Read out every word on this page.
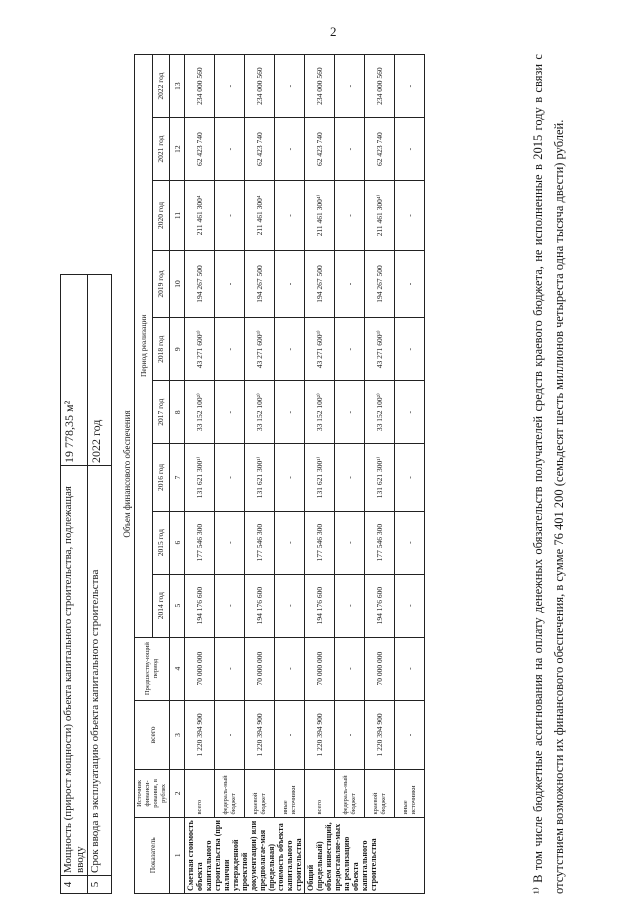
2
4	Мощность (прирост мощности) объекта капитального строительства, подлежащая вводу	19 778,35 м²
5	Срок ввода в эксплуатацию объекта капитального строительства	2022 год Объем финансового обеспечения
Показатель	Источник финанси-рования, в рублях	всего	Предшеству-ющий период	Период реализации								
				2014 год	2015 год	2016 год	2017 год	2018 год	2019 год	2020 год	2021 год	2022 год
1	2	3	4	5	6	7	8	9	10	11	12	13
Сметная стоимость объекта капитального строительства (при наличии утвержденной проектной документации) или предполагае-мая (предельная) стоимость объекта капитального строительства	всего	1 220 394 900	70 000 000	194 176 600	177 546 300	131 621 300¹⁾	33 152 100²⁾	43 271 600³⁾	194 267 500	211 461 300⁴	62 423 740	234 000 560
	федераль-ный бюджет	-	-	-	-	-	-	-	-	-	-	-
	краевой бюджет	1 220 394 900	70 000 000	194 176 600	177 546 300	131 621 300¹⁾	33 152 100²⁾	43 271 600³⁾	194 267 500	211 461 300⁴	62 423 740	234 000 560
	иные источники	-	-	-	-	-	-	-	-	-	-	-
Общий (предельный) объем инвестиций, предоставляе-мых на реализацию объекта капитального строительства	всего	1 220 394 900	70 000 000	194 176 600	177 546 300	131 621 300¹⁾	33 152 100²⁾	43 271 600³⁾	194 267 500	211 461 300⁴⁾	62 423 740	234 000 560
	федераль-ный бюджет	-	-	-	-	-	-	-	-	-	-	-
	краевой бюджет	1 220 394 900	70 000 000	194 176 600	177 546 300	131 621 300¹⁾	33 152 100²⁾	43 271 600³⁾	194 267 500	211 461 300⁴⁾	62 423 740	234 000 560
	иные источники	-	-	-	-	-	-	-	-	-	-	-	¹⁾ В том числе бюджетные ассигнования на оплату денежных обязательств получателей средств краевого бюджета, не исполненные в 2015 году в связи с отсутствием возможности их финансового обеспечения, в сумме 76 401 200 (семьдесят шесть миллионов четыреста одна тысяча двести) рублей.
